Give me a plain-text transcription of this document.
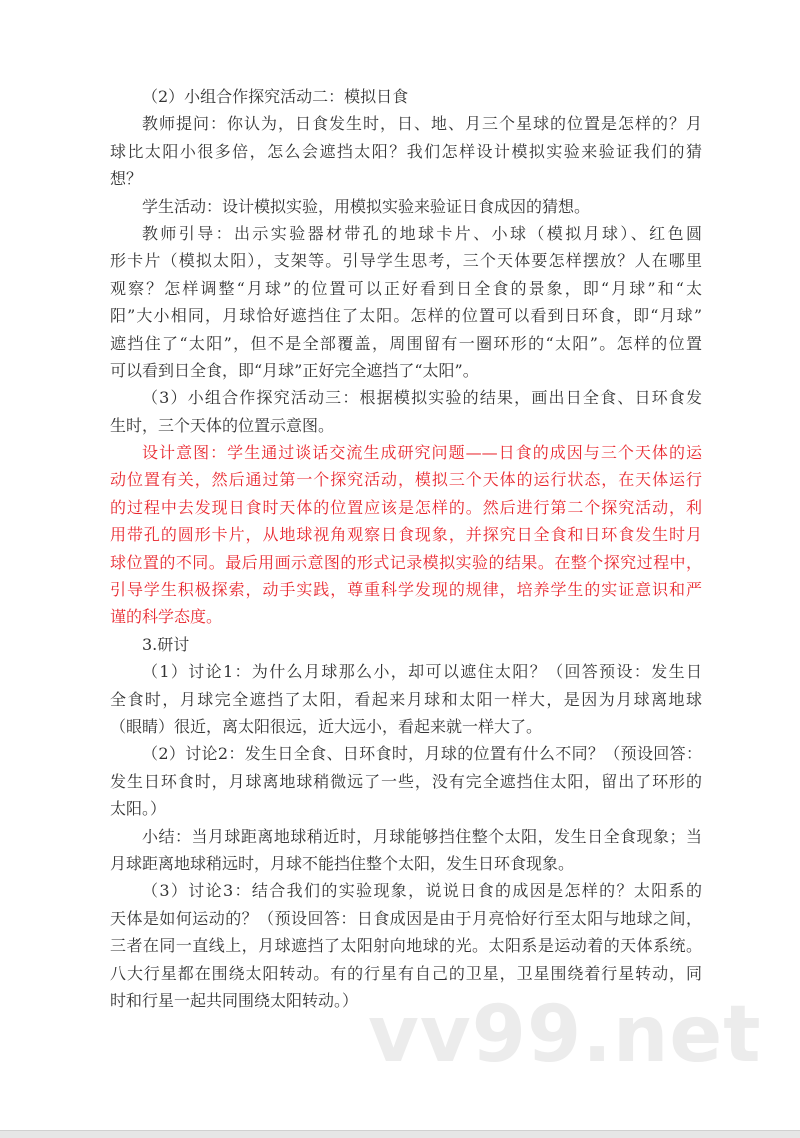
（2）小组合作探究活动二：模拟日食
教师提问：你认为，日食发生时，日、地、月三个星球的位置是怎样的？月
球比太阳小很多倍，怎么会遮挡太阳？我们怎样设计模拟实验来验证我们的猜
想？
学生活动：设计模拟实验，用模拟实验来验证日食成因的猜想。
教师引导：出示实验器材带孔的地球卡片、小球（模拟月球）、红色圆
形卡片（模拟太阳），支架等。引导学生思考，三个天体要怎样摆放？人在哪里
观察？怎样调整“月球”的位置可以正好看到日全食的景象，即“月球”和“太
阳”大小相同，月球恰好遮挡住了太阳。怎样的位置可以看到日环食，即“月球”
遮挡住了“太阳”，但不是全部覆盖，周围留有一圈环形的“太阳”。怎样的位置
可以看到日全食，即“月球”正好完全遮挡了“太阳”。
（3）小组合作探究活动三：根据模拟实验的结果，画出日全食、日环食发
生时，三个天体的位置示意图。
设计意图：学生通过谈话交流生成研究问题——日食的成因与三个天体的运
动位置有关，然后通过第一个探究活动，模拟三个天体的运行状态，在天体运行
的过程中去发现日食时天体的位置应该是怎样的。然后进行第二个探究活动，利
用带孔的圆形卡片，从地球视角观察日食现象，并探究日全食和日环食发生时月
球位置的不同。最后用画示意图的形式记录模拟实验的结果。在整个探究过程中，
引导学生积极探索，动手实践，尊重科学发现的规律，培养学生的实证意识和严
谨的科学态度。
3.研讨
（1）讨论1：为什么月球那么小，却可以遮住太阳？（回答预设：发生日
全食时，月球完全遮挡了太阳，看起来月球和太阳一样大，是因为月球离地球
（眼睛）很近，离太阳很远，近大远小，看起来就一样大了。
（2）讨论2：发生日全食、日环食时，月球的位置有什么不同？（预设回答：
发生日环食时，月球离地球稍微远了一些，没有完全遮挡住太阳，留出了环形的
太阳。）
小结：当月球距离地球稍近时，月球能够挡住整个太阳，发生日全食现象；当
月球距离地球稍远时，月球不能挡住整个太阳，发生日环食现象。
（3）讨论3：结合我们的实验现象，说说日食的成因是怎样的？太阳系的
天体是如何运动的？（预设回答：日食成因是由于月亮恰好行至太阳与地球之间，
三者在同一直线上，月球遮挡了太阳射向地球的光。太阳系是运动着的天体系统。
八大行星都在围绕太阳转动。有的行星有自己的卫星，卫星围绕着行星转动，同
时和行星一起共同围绕太阳转动。） vv99.net
